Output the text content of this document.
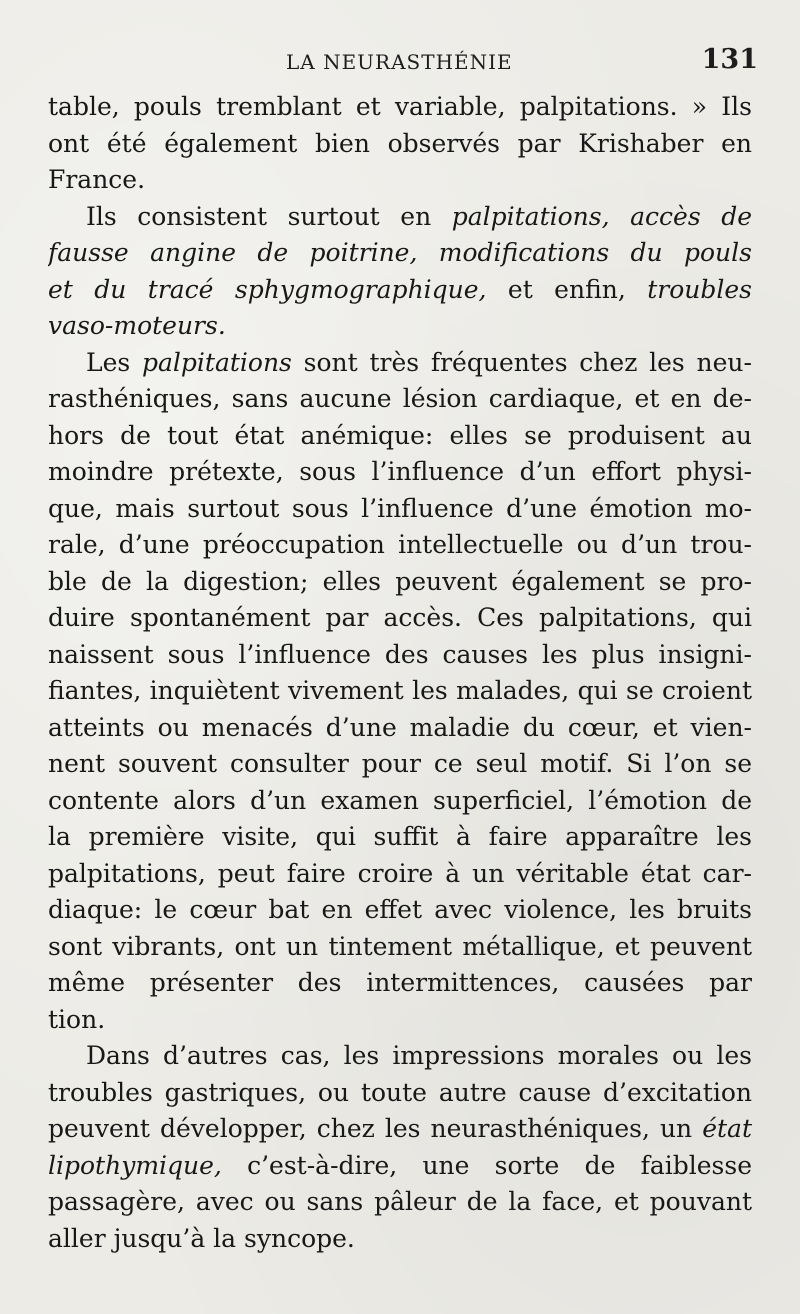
LA NEURASTHÉNIE	131
table, pouls tremblant et variable, palpitations. » Ils
ont été également bien observés par Krishaber en
France.
Ils consistent surtout en palpitations, accès de
fausse angine de poitrine, modifications du pouls
et du tracé sphygmographique, et enfin, troubles
vaso-moteurs.
Les palpitations sont très fréquentes chez les neu-
rasthéniques, sans aucune lésion cardiaque, et en de-
hors de tout état anémique: elles se produisent au
moindre prétexte, sous l’influence d’un effort physi-
que, mais surtout sous l’influence d’une émotion mo-
rale, d’une préoccupation intellectuelle ou d’un trou-
ble de la digestion; elles peuvent également se pro-
duire spontanément par accès. Ces palpitations, qui
naissent sous l’influence des causes les plus insigni-
fiantes, inquiètent vivement les malades, qui se croient
atteints ou menacés d’une maladie du cœur, et vien-
nent souvent consulter pour ce seul motif. Si l’on se
contente alors d’un examen superficiel, l’émotion de
la première visite, qui suffit à faire apparaître les
palpitations, peut faire croire à un véritable état car-
diaque: le cœur bat en effet avec violence, les bruits
sont vibrants, ont un tintement métallique, et peuvent
même présenter des intermittences, causées par
tion.
Dans d’autres cas, les impressions morales ou les
troubles gastriques, ou toute autre cause d’excitation
peuvent développer, chez les neurasthéniques, un état
lipothymique, c’est-à-dire, une sorte de faiblesse
passagère, avec ou sans pâleur de la face, et pouvant
aller jusqu’à la syncope.
